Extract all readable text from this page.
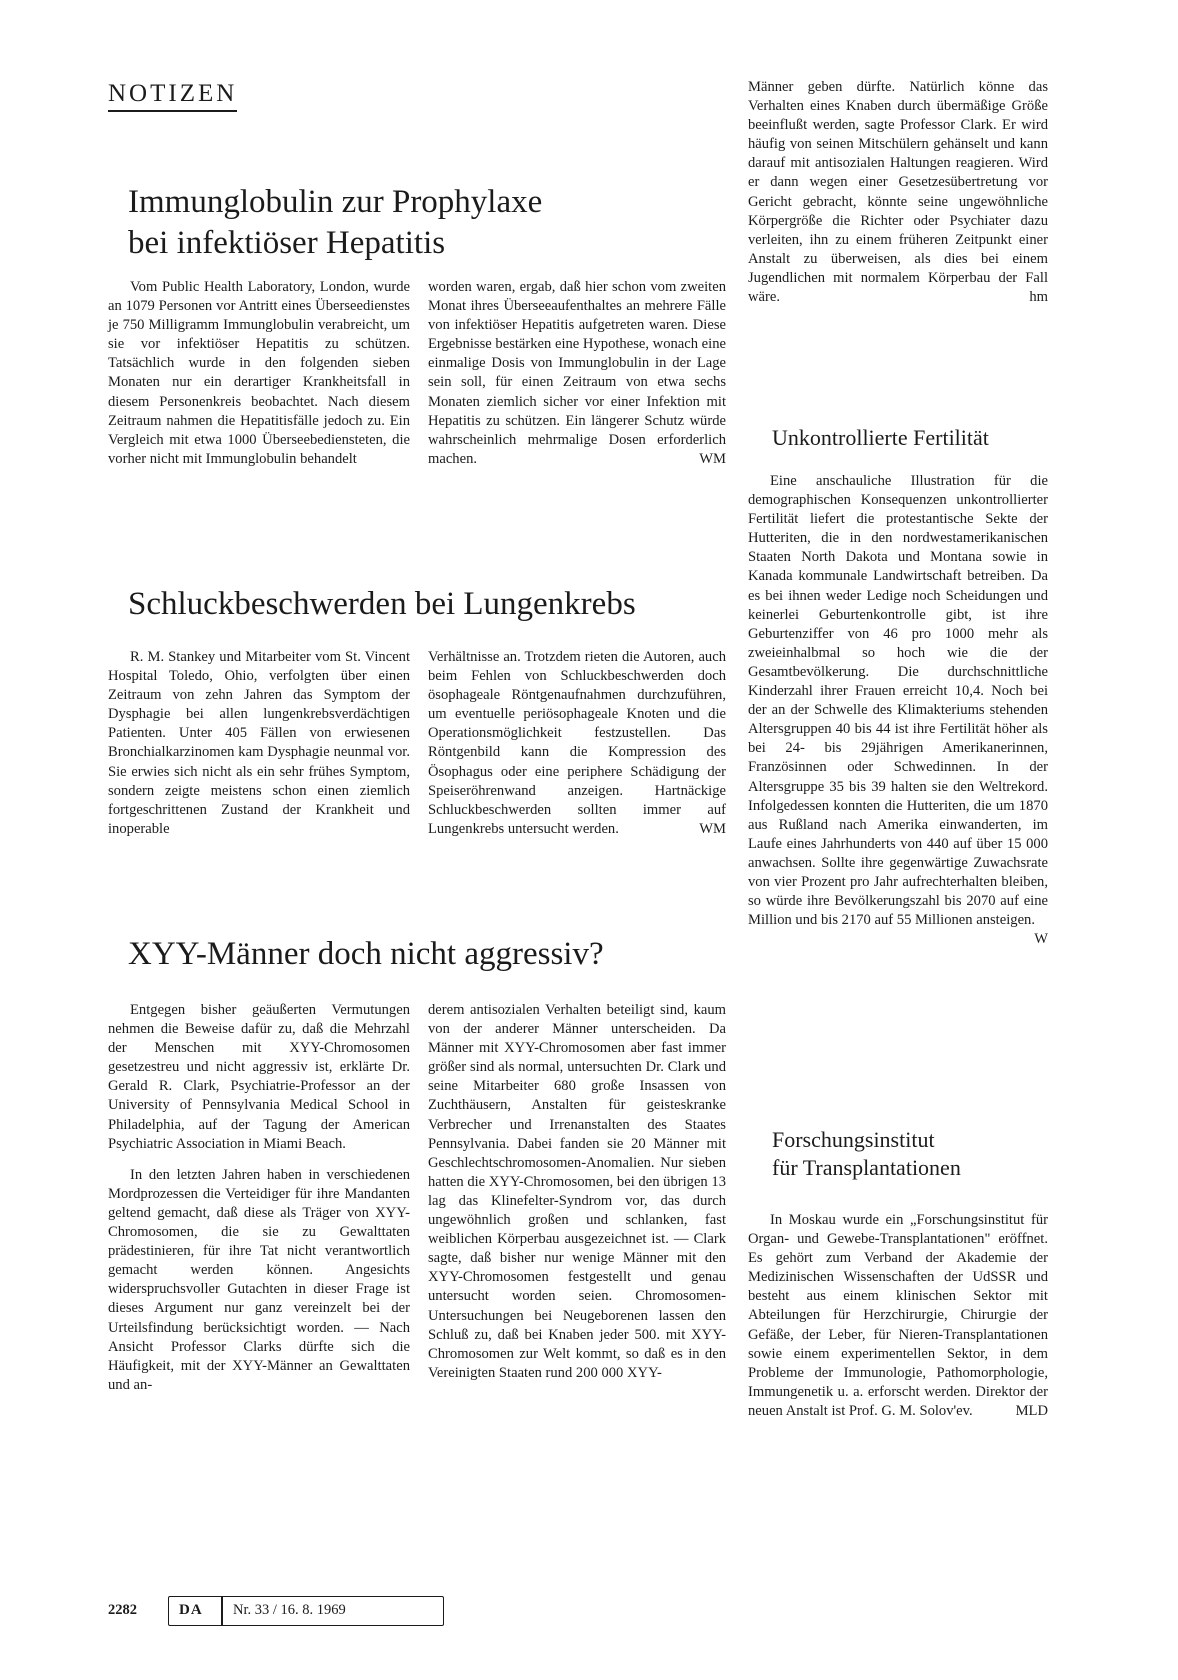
NOTIZEN
Immunglobulin zur Prophylaxe
bei infektiöser Hepatitis

Vom Public Health Laboratory, London, wurde an 1079 Personen vor Antritt eines Überseedienstes je 750 Milligramm Immunglobulin verabreicht, um sie vor infektiöser Hepatitis zu schützen. Tatsächlich wurde in den folgenden sieben Monaten nur ein derartiger Krankheitsfall in diesem Personenkreis beobachtet. Nach diesem Zeitraum nahmen die Hepatitisfälle jedoch zu. Ein Vergleich mit etwa 1000 Überseebediensteten, die vorher nicht mit Immunglobulin behandelt

worden waren, ergab, daß hier schon vom zweiten Monat ihres Überseeaufenthaltes an mehrere Fälle von infektiöser Hepatitis aufgetreten waren. Diese Ergebnisse bestärken eine Hypothese, wonach eine einmalige Dosis von Immunglobulin in der Lage sein soll, für einen Zeitraum von etwa sechs Monaten ziemlich sicher vor einer Infektion mit Hepatitis zu schützen. Ein längerer Schutz würde wahrscheinlich mehrmalige Dosen erforderlich machen.	WM

Schluckbeschwerden bei Lungenkrebs

R. M. Stankey und Mitarbeiter vom St. Vincent Hospital Toledo, Ohio, verfolgten über einen Zeitraum von zehn Jahren das Symptom der Dysphagie bei allen lungenkrebsverdächtigen Patienten. Unter 405 Fällen von erwiesenen Bronchialkarzinomen kam Dysphagie neunmal vor. Sie erwies sich nicht als ein sehr frühes Symptom, sondern zeigte meistens schon einen ziemlich fortgeschrittenen Zustand der Krankheit und inoperable

Verhältnisse an. Trotzdem rieten die Autoren, auch beim Fehlen von Schluckbeschwerden doch ösophageale Röntgenaufnahmen durchzuführen, um eventuelle periösophageale Knoten und die Operationsmöglichkeit festzustellen. Das Röntgenbild kann die Kompression des Ösophagus oder eine periphere Schädigung der Speiseröhrenwand anzeigen. Hartnäckige Schluckbeschwerden sollten immer auf Lungenkrebs untersucht werden.	WM

XYY-Männer doch nicht aggressiv?

Entgegen bisher geäußerten Vermutungen nehmen die Beweise dafür zu, daß die Mehrzahl der Menschen mit XYY-Chromosomen gesetzestreu und nicht aggressiv ist, erklärte Dr. Gerald R. Clark, Psychiatrie-Professor an der University of Pennsylvania Medical School in Philadelphia, auf der Tagung der American Psychiatric Association in Miami Beach.

In den letzten Jahren haben in verschiedenen Mordprozessen die Verteidiger für ihre Mandanten geltend gemacht, daß diese als Träger von XYY-Chromosomen, die sie zu Gewalttaten prädestinieren, für ihre Tat nicht verantwortlich gemacht werden können. Angesichts widerspruchsvoller Gutachten in dieser Frage ist dieses Argument nur ganz vereinzelt bei der Urteilsfindung berücksichtigt worden. — Nach Ansicht Professor Clarks dürfte sich die Häufigkeit, mit der XYY-Männer an Gewalttaten und an-

derem antisozialen Verhalten beteiligt sind, kaum von der anderer Männer unterscheiden. Da Männer mit XYY-Chromosomen aber fast immer größer sind als normal, untersuchten Dr. Clark und seine Mitarbeiter 680 große Insassen von Zuchthäusern, Anstalten für geisteskranke Verbrecher und Irrenanstalten des Staates Pennsylvania. Dabei fanden sie 20 Männer mit Geschlechtschromosomen-Anomalien. Nur sieben hatten die XYY-Chromosomen, bei den übrigen 13 lag das Klinefelter-Syndrom vor, das durch ungewöhnlich großen und schlanken, fast weiblichen Körperbau ausgezeichnet ist. — Clark sagte, daß bisher nur wenige Männer mit den XYY-Chromosomen festgestellt und genau untersucht worden seien. Chromosomen-Untersuchungen bei Neugeborenen lassen den Schluß zu, daß bei Knaben jeder 500. mit XYY-Chromosomen zur Welt kommt, so daß es in den Vereinigten Staaten rund 200 000 XYY-

Männer geben dürfte. Natürlich könne das Verhalten eines Knaben durch übermäßige Größe beeinflußt werden, sagte Professor Clark. Er wird häufig von seinen Mitschülern gehänselt und kann darauf mit antisozialen Haltungen reagieren. Wird er dann wegen einer Gesetzesübertretung vor Gericht gebracht, könnte seine ungewöhnliche Körpergröße die Richter oder Psychiater dazu verleiten, ihn zu einem früheren Zeitpunkt einer Anstalt zu überweisen, als dies bei einem Jugendlichen mit normalem Körperbau der Fall wäre.	hm

Unkontrollierte Fertilität

Eine anschauliche Illustration für die demographischen Konsequenzen unkontrollierter Fertilität liefert die protestantische Sekte der Hutteriten, die in den nordwestamerikanischen Staaten North Dakota und Montana sowie in Kanada kommunale Landwirtschaft betreiben. Da es bei ihnen weder Ledige noch Scheidungen und keinerlei Geburtenkontrolle gibt, ist ihre Geburtenziffer von 46 pro 1000 mehr als zweieinhalbmal so hoch wie die der Gesamtbevölkerung. Die durchschnittliche Kinderzahl ihrer Frauen erreicht 10,4. Noch bei der an der Schwelle des Klimakteriums stehenden Altersgruppen 40 bis 44 ist ihre Fertilität höher als bei 24- bis 29jährigen Amerikanerinnen, Französinnen oder Schwedinnen. In der Altersgruppe 35 bis 39 halten sie den Weltrekord. Infolgedessen konnten die Hutteriten, die um 1870 aus Rußland nach Amerika einwanderten, im Laufe eines Jahrhunderts von 440 auf über 15 000 anwachsen. Sollte ihre gegenwärtige Zuwachsrate von vier Prozent pro Jahr aufrechterhalten bleiben, so würde ihre Bevölkerungszahl bis 2070 auf eine Million und bis 2170 auf 55 Millionen ansteigen.
W

Forschungsinstitut
für Transplantationen

In Moskau wurde ein „Forschungsinstitut für Organ- und Gewebe-Transplantationen" eröffnet. Es gehört zum Verband der Akademie der Medizinischen Wissenschaften der UdSSR und besteht aus einem klinischen Sektor mit Abteilungen für Herzchirurgie, Chirurgie der Gefäße, der Leber, für Nieren-Transplantationen sowie einem experimentellen Sektor, in dem Probleme der Immunologie, Pathomorphologie, Immungenetik u. a. erforscht werden. Direktor der neuen Anstalt ist Prof. G. M. Solov'ev.	MLD

2282	DA Nr. 33 / 16. 8. 1969
